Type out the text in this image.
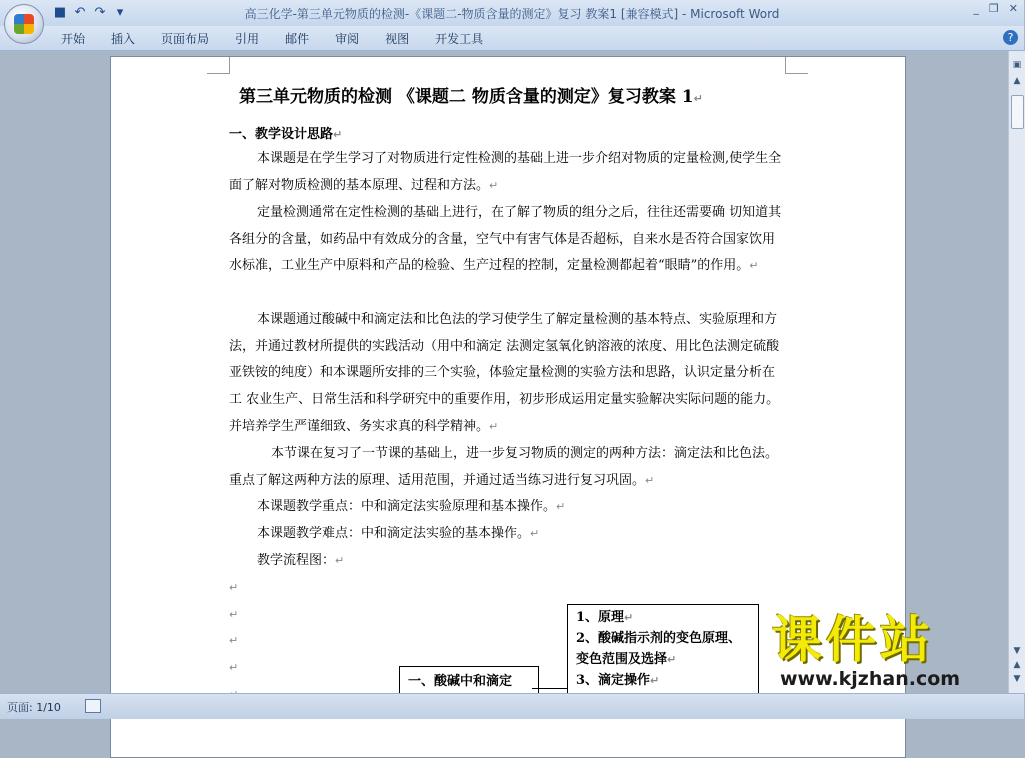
高三化学-第三单元物质的检测-《课题二-物质含量的测定》复习 教案1 [兼容模式] - Microsoft Word
■ ↶ ↷ ▾	_ ❐ ✕
开始	插入	页面布局	引用	邮件	审阅	视图	开发工具	?
第三单元物质的检测 《课题二 物质含量的测定》复习教案 1↵
一、教学设计思路↵
本课题是在学生学习了对物质进行定性检测的基础上进一步介绍对物质的定量检测,使学生全面了解对物质检测的基本原理、过程和方法。↵
定量检测通常在定性检测的基础上进行，在了解了物质的组分之后，往往还需要确 切知道其各组分的含量，如药品中有效成分的含量，空气中有害气体是否超标，自来水是否符合国家饮用水标准，工业生产中原料和产品的检验、生产过程的控制，定量检测都起着“眼睛”的作用。↵
本课题通过酸碱中和滴定法和比色法的学习使学生了解定量检测的基本特点、实验原理和方法，并通过教材所提供的实践活动（用中和滴定 法测定氢氧化钠溶液的浓度、用比色法测定硫酸亚铁铵的纯度）和本课题所安排的三个实验，体验定量检测的实验方法和思路，认识定量分析在工 农业生产、日常生活和科学研究中的重要作用，初步形成运用定量实验解决实际问题的能力。并培养学生严谨细致、务实求真的科学精神。↵
本节课在复习了一节课的基础上，进一步复习物质的测定的两种方法：滴定法和比色法。重点了解这两种方法的原理、适用范围，并通过适当练习进行复习巩固。↵
本课题教学重点：中和滴定法实验原理和基本操作。↵
本课题教学难点：中和滴定法实验的基本操作。↵
教学流程图：↵
↵
↵
↵
↵
1、原理↵
2、酸碱指示剂的变色原理、变色范围及选择↵
3、滴定操作↵
一、酸碱中和滴定
▣
▲
▼
▲
▼
页面: 1/10
课件站
www.kjzhan.com
